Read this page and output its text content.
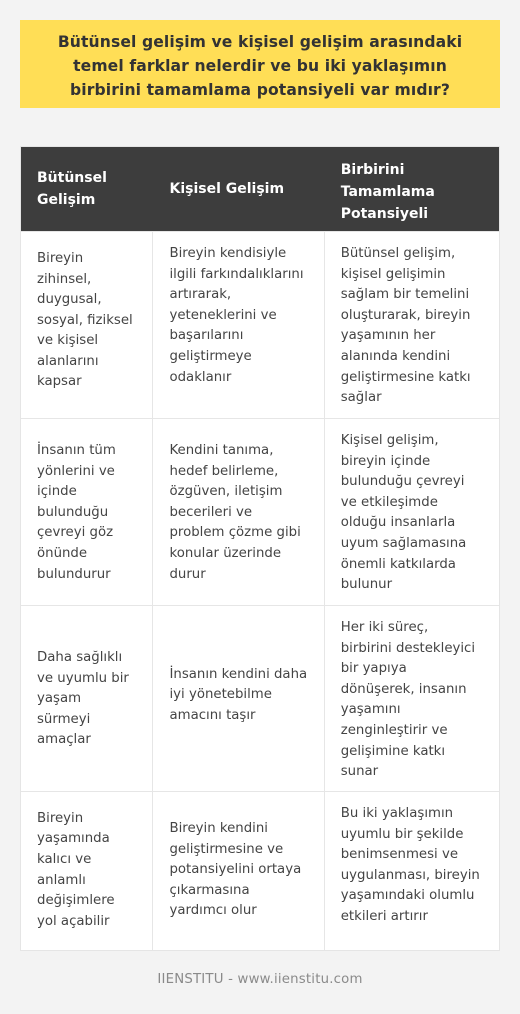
Bütünsel gelişim ve kişisel gelişim arasındaki temel farklar nelerdir ve bu iki yaklaşımın birbirini tamamlama potansiyeli var mıdır?
Bütünsel Gelişim
Kişisel Gelişim
Birbirini Tamamlama Potansiyeli
Bireyin zihinsel, duygusal, sosyal, fiziksel ve kişisel alanlarını kapsar
Bireyin kendisiyle ilgili farkındalıklarını artırarak, yeteneklerini ve başarılarını geliştirmeye odaklanır
Bütünsel gelişim, kişisel gelişimin sağlam bir temelini oluşturarak, bireyin yaşamının her alanında kendini geliştirmesine katkı sağlar
İnsanın tüm yönlerini ve içinde bulunduğu çevreyi göz önünde bulundurur
Kendini tanıma, hedef belirleme, özgüven, iletişim becerileri ve problem çözme gibi konular üzerinde durur
Kişisel gelişim, bireyin içinde bulunduğu çevreyi ve etkileşimde olduğu insanlarla uyum sağlamasına önemli katkılarda bulunur
Daha sağlıklı ve uyumlu bir yaşam sürmeyi amaçlar
İnsanın kendini daha iyi yönetebilme amacını taşır
Her iki süreç, birbirini destekleyici bir yapıya dönüşerek, insanın yaşamını zenginleştirir ve gelişimine katkı sunar
Bireyin yaşamında kalıcı ve anlamlı değişimlere yol açabilir
Bireyin kendini geliştirmesine ve potansiyelini ortaya çıkarmasına yardımcı olur
Bu iki yaklaşımın uyumlu bir şekilde benimsenmesi ve uygulanması, bireyin yaşamındaki olumlu etkileri artırır
IIENSTITU - www.iienstitu.com
